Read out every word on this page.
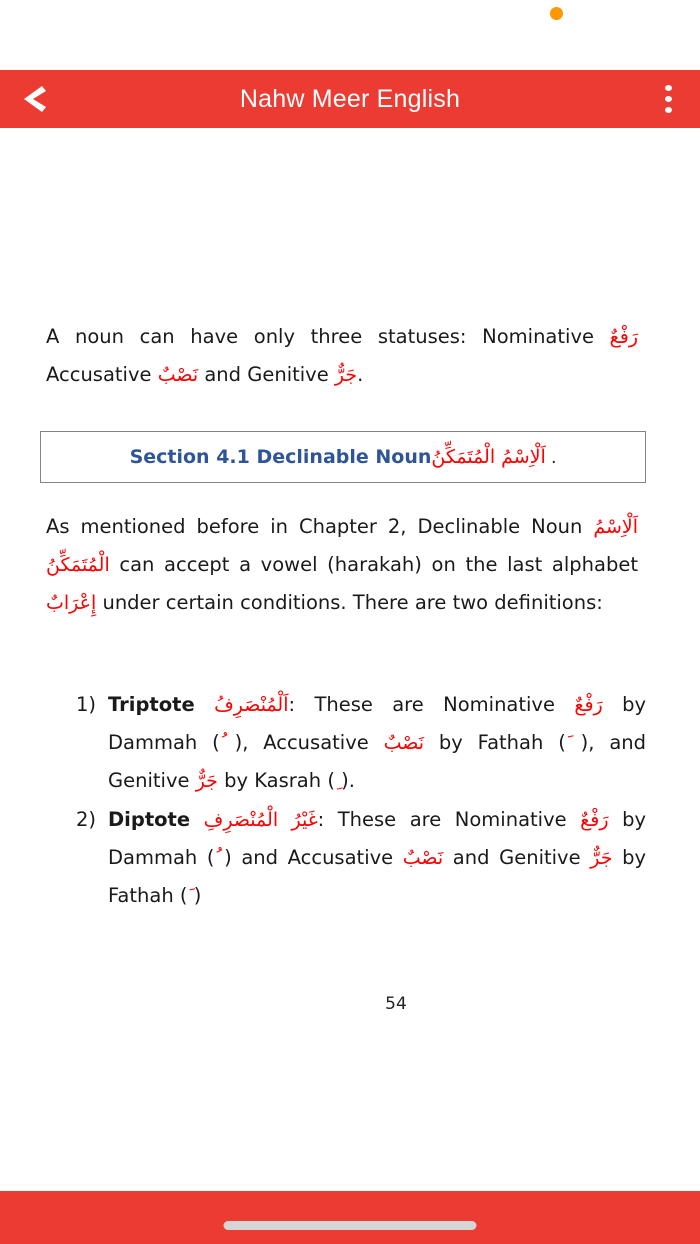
Nahw Meer English

A noun can have only three statuses: Nominative رَفْعٌ Accusative نَصْبٌ and Genitive جَرٌّ.

Section 4.1 Declinable Nounاَلْاِسْمُ الْمُتَمَكِّنُ .

As mentioned before in Chapter 2, Declinable Noun اَلْاِسْمُ الْمُتَمَكِّنُ can accept a vowel (harakah) on the last alphabet إِعْرَابٌ under certain conditions. There are two definitions:

1) Triptote اَلْمُنْصَرِفُ: These are Nominative رَفْعٌ by Dammah ( ), Accusative نَصْبٌ by Fathah ( ), and Genitive جَرٌّ by Kasrah ( ).
2) Diptote غَيْرُ الْمُنْصَرِفِ: These are Nominative رَفْعٌ by Dammah ( ) and Accusative نَصْبٌ and Genitive جَرٌّ by Fathah ( )
54
